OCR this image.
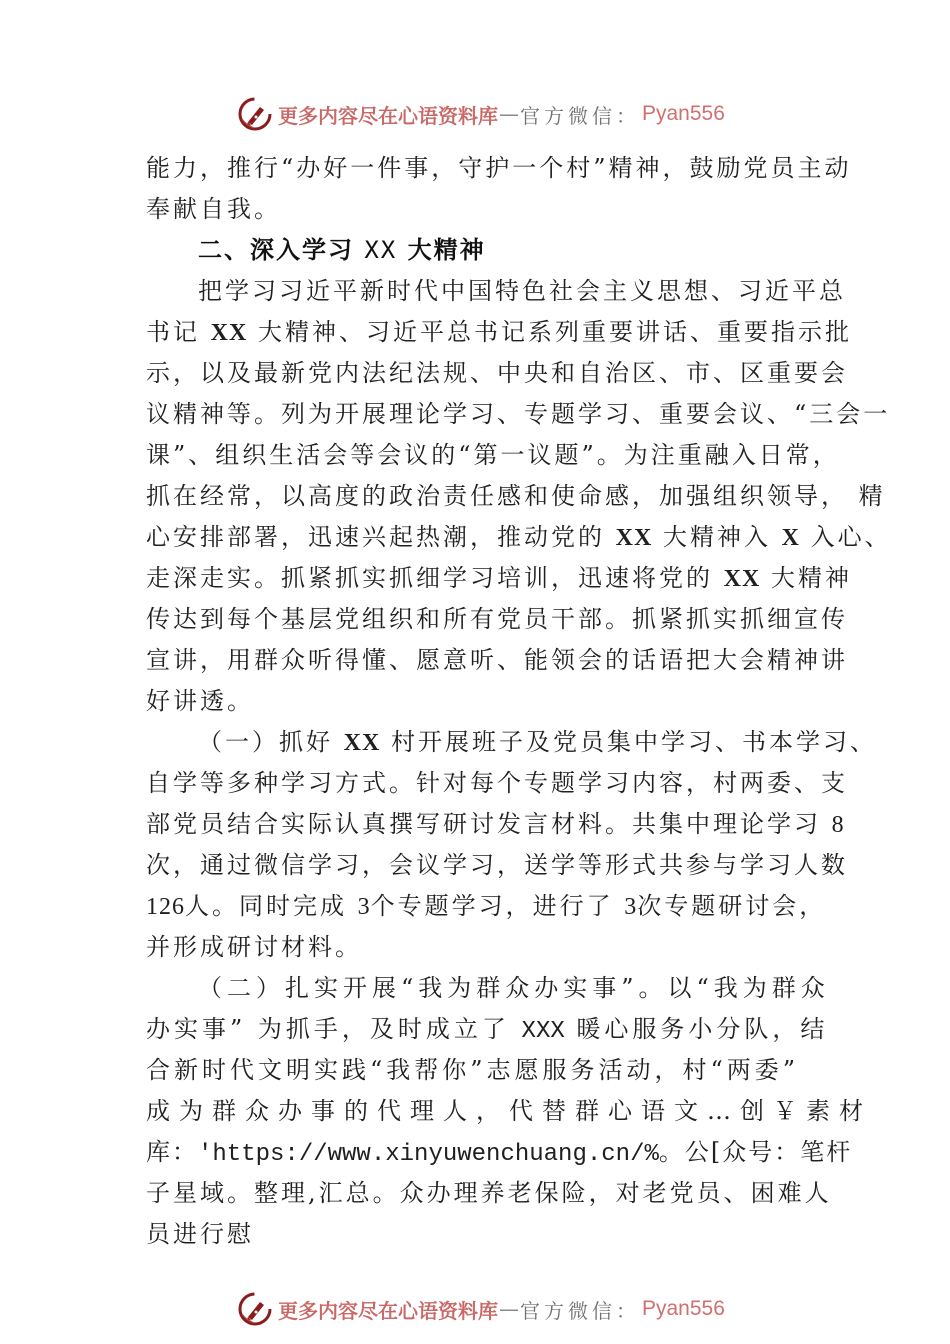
更多内容尽在心语资料库 — 官方微信： Pyan556
能力，推行“办好一件事，守护一个村”精神，鼓励党员主动
奉献自我。
二、深入学习 XX 大精神
把学习习近平新时代中国特色社会主义思想、习近平总
书记 XX 大精神、习近平总书记系列重要讲话、重要指示批
示，以及最新党内法纪法规、中央和自治区、市、区重要会
议精神等。列为开展理论学习、专题学习、重要会议、“三会一
课”、组织生活会等会议的“第一议题”。为注重融入日常，
抓在经常，以高度的政治责任感和使命感，加强组织领导， 精
心安排部署，迅速兴起热潮，推动党的 XX 大精神入 X 入心、
走深走实。抓紧抓实抓细学习培训，迅速将党的 XX 大精神
传达到每个基层党组织和所有党员干部。抓紧抓实抓细宣传
宣讲，用群众听得懂、愿意听、能领会的话语把大会精神讲
好讲透。
（一）抓好 XX 村开展班子及党员集中学习、书本学习、
自学等多种学习方式。针对每个专题学习内容，村两委、支
部党员结合实际认真撰写研讨发言材料。共集中理论学习 8
次，通过微信学习，会议学习，送学等形式共参与学习人数
126人。同时完成 3个专题学习，进行了 3次专题研讨会，
并形成研讨材料。
（二）扎实开展“我为群众办实事”。以“我为群众
办实事” 为抓手，及时成立了 XXX 暖心服务小分队，结
合新时代文明实践“我帮你”志愿服务活动，村“两委”
成为群众办事的代理人，代替群心语文…创￥素材
库：'https://www.xinyuwenchuang.cn/%。公[众号：笔杆
子星域。整理,汇总。众办理养老保险，对老党员、困难人
员进行慰
更多内容尽在心语资料库 — 官方微信： Pyan556
